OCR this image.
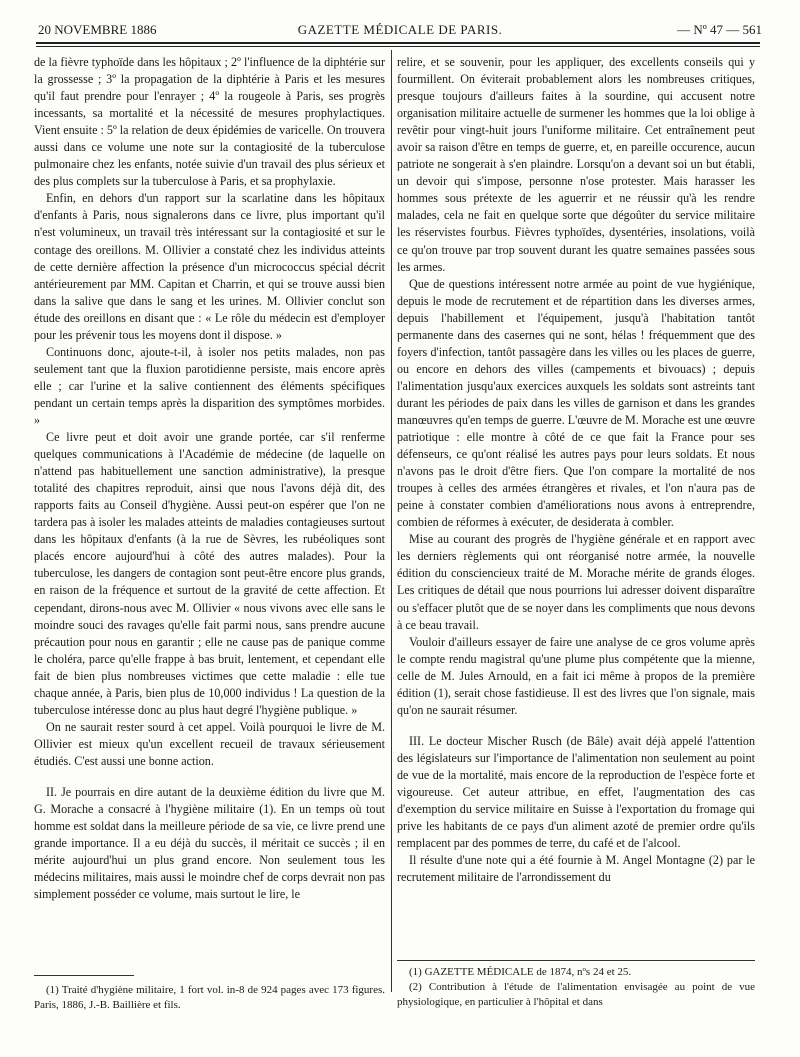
20 NOVEMBRE 1886	GAZETTE MÉDICALE DE PARIS.	— Nº 47 — 561

de la fièvre typhoïde dans les hôpitaux ; 2º l'influence de la diphtérie sur la grossesse ; 3º la propagation de la diphtérie à Paris et les mesures qu'il faut prendre pour l'enrayer ; 4º la rougeole à Paris, ses progrès incessants, sa mortalité et la nécessité de mesures prophylactiques. Vient ensuite : 5º la relation de deux épidémies de varicelle. On trouvera aussi dans ce volume une note sur la contagiosité de la tuberculose pulmonaire chez les enfants, notée suivie d'un travail des plus sérieux et des plus complets sur la tuberculose à Paris, et sa prophylaxie.

Enfin, en dehors d'un rapport sur la scarlatine dans les hôpitaux d'enfants à Paris, nous signalerons dans ce livre, plus important qu'il n'est volumineux, un travail très intéressant sur la contagiosité et sur le contage des oreillons. M. Ollivier a constaté chez les individus atteints de cette dernière affection la présence d'un micrococcus spécial décrit antérieurement par MM. Capitan et Charrin, et qui se trouve aussi bien dans la salive que dans le sang et les urines. M. Ollivier conclut son étude des oreillons en disant que : « Le rôle du médecin est d'employer pour les prévenir tous les moyens dont il dispose. »

Continuons donc, ajoute-t-il, à isoler nos petits malades, non pas seulement tant que la fluxion parotidienne persiste, mais encore après elle ; car l'urine et la salive contiennent des éléments spécifiques pendant un certain temps après la disparition des symptômes morbides. »

Ce livre peut et doit avoir une grande portée, car s'il renferme quelques communications à l'Académie de médecine (de laquelle on n'attend pas habituellement une sanction administrative), la presque totalité des chapitres reproduit, ainsi que nous l'avons déjà dit, des rapports faits au Conseil d'hygiène. Aussi peut-on espérer que l'on ne tardera pas à isoler les malades atteints de maladies contagieuses surtout dans les hôpitaux d'enfants (à la rue de Sèvres, les rubéoliques sont placés encore aujourd'hui à côté des autres malades). Pour la tuberculose, les dangers de contagion sont peut-être encore plus grands, en raison de la fréquence et surtout de la gravité de cette affection. Et cependant, dirons-nous avec M. Ollivier « nous vivons avec elle sans le moindre souci des ravages qu'elle fait parmi nous, sans prendre aucune précaution pour nous en garantir ; elle ne cause pas de panique comme le choléra, parce qu'elle frappe à bas bruit, lentement, et cependant elle fait de bien plus nombreuses victimes que cette maladie : elle tue chaque année, à Paris, bien plus de 10,000 individus ! La question de la tuberculose intéresse donc au plus haut degré l'hygiène publique. »

On ne saurait rester sourd à cet appel. Voilà pourquoi le livre de M. Ollivier est mieux qu'un excellent recueil de travaux sérieusement étudiés. C'est aussi une bonne action.

II. Je pourrais en dire autant de la deuxième édition du livre que M. G. Morache a consacré à l'hygiène militaire (1). En un temps où tout homme est soldat dans la meilleure période de sa vie, ce livre prend une grande importance. Il a eu déjà du succès, il méritait ce succès ; il en mérite aujourd'hui un plus grand encore. Non seulement tous les médecins militaires, mais aussi le moindre chef de corps devrait non pas simplement posséder ce volume, mais surtout le lire, le

(1) Traité d'hygiène militaire, 1 fort vol. in-8 de 924 pages avec 173 figures. Paris, 1886, J.-B. Baillière et fils.

relire, et se souvenir, pour les appliquer, des excellents conseils qui y fourmillent. On éviterait probablement alors les nombreuses critiques, presque toujours d'ailleurs faites à la sourdine, qui accusent notre organisation militaire actuelle de surmener les hommes que la loi oblige à revêtir pour vingt-huit jours l'uniforme militaire. Cet entraînement peut avoir sa raison d'être en temps de guerre, et, en pareille occurence, aucun patriote ne songerait à s'en plaindre. Lorsqu'on a devant soi un but établi, un devoir qui s'impose, personne n'ose protester. Mais harasser les hommes sous prétexte de les aguerrir et ne réussir qu'à les rendre malades, cela ne fait en quelque sorte que dégoûter du service militaire les réservistes fourbus. Fièvres typhoïdes, dysentéries, insolations, voilà ce qu'on trouve par trop souvent durant les quatre semaines passées sous les armes.

Que de questions intéressent notre armée au point de vue hygiénique, depuis le mode de recrutement et de répartition dans les diverses armes, depuis l'habillement et l'équipement, jusqu'à l'habitation tantôt permanente dans des casernes qui ne sont, hélas ! fréquemment que des foyers d'infection, tantôt passagère dans les villes ou les places de guerre, ou encore en dehors des villes (campements et bivouacs) ; depuis l'alimentation jusqu'aux exercices auxquels les soldats sont astreints tant durant les périodes de paix dans les villes de garnison et dans les grandes manœuvres qu'en temps de guerre. L'œuvre de M. Morache est une œuvre patriotique : elle montre à côté de ce que fait la France pour ses défenseurs, ce qu'ont réalisé les autres pays pour leurs soldats. Et nous n'avons pas le droit d'être fiers. Que l'on compare la mortalité de nos troupes à celles des armées étrangères et rivales, et l'on n'aura pas de peine à constater combien d'améliorations nous avons à entreprendre, combien de réformes à exécuter, de desiderata à combler.

Mise au courant des progrès de l'hygiène générale et en rapport avec les derniers règlements qui ont réorganisé notre armée, la nouvelle édition du consciencieux traité de M. Morache mérite de grands éloges. Les critiques de détail que nous pourrions lui adresser doivent disparaître ou s'effacer plutôt que de se noyer dans les compliments que nous devons à ce beau travail.

Vouloir d'ailleurs essayer de faire une analyse de ce gros volume après le compte rendu magistral qu'une plume plus compétente que la mienne, celle de M. Jules Arnould, en a fait ici même à propos de la première édition (1), serait chose fastidieuse. Il est des livres que l'on signale, mais qu'on ne saurait résumer.

III. Le docteur Mischer Rusch (de Bâle) avait déjà appelé l'attention des législateurs sur l'importance de l'alimentation non seulement au point de vue de la mortalité, mais encore de la reproduction de l'espèce forte et vigoureuse. Cet auteur attribue, en effet, l'augmentation des cas d'exemption du service militaire en Suisse à l'exportation du fromage qui prive les habitants de ce pays d'un aliment azoté de premier ordre qu'ils remplacent par des pommes de terre, du café et de l'alcool.

Il résulte d'une note qui a été fournie à M. Angel Montagne (2) par le recrutement militaire de l'arrondissement du

(1) GAZETTE MÉDICALE de 1874, nºs 24 et 25.
(2) Contribution à l'étude de l'alimentation envisagée au point de vue physiologique, en particulier à l'hôpital et dans
